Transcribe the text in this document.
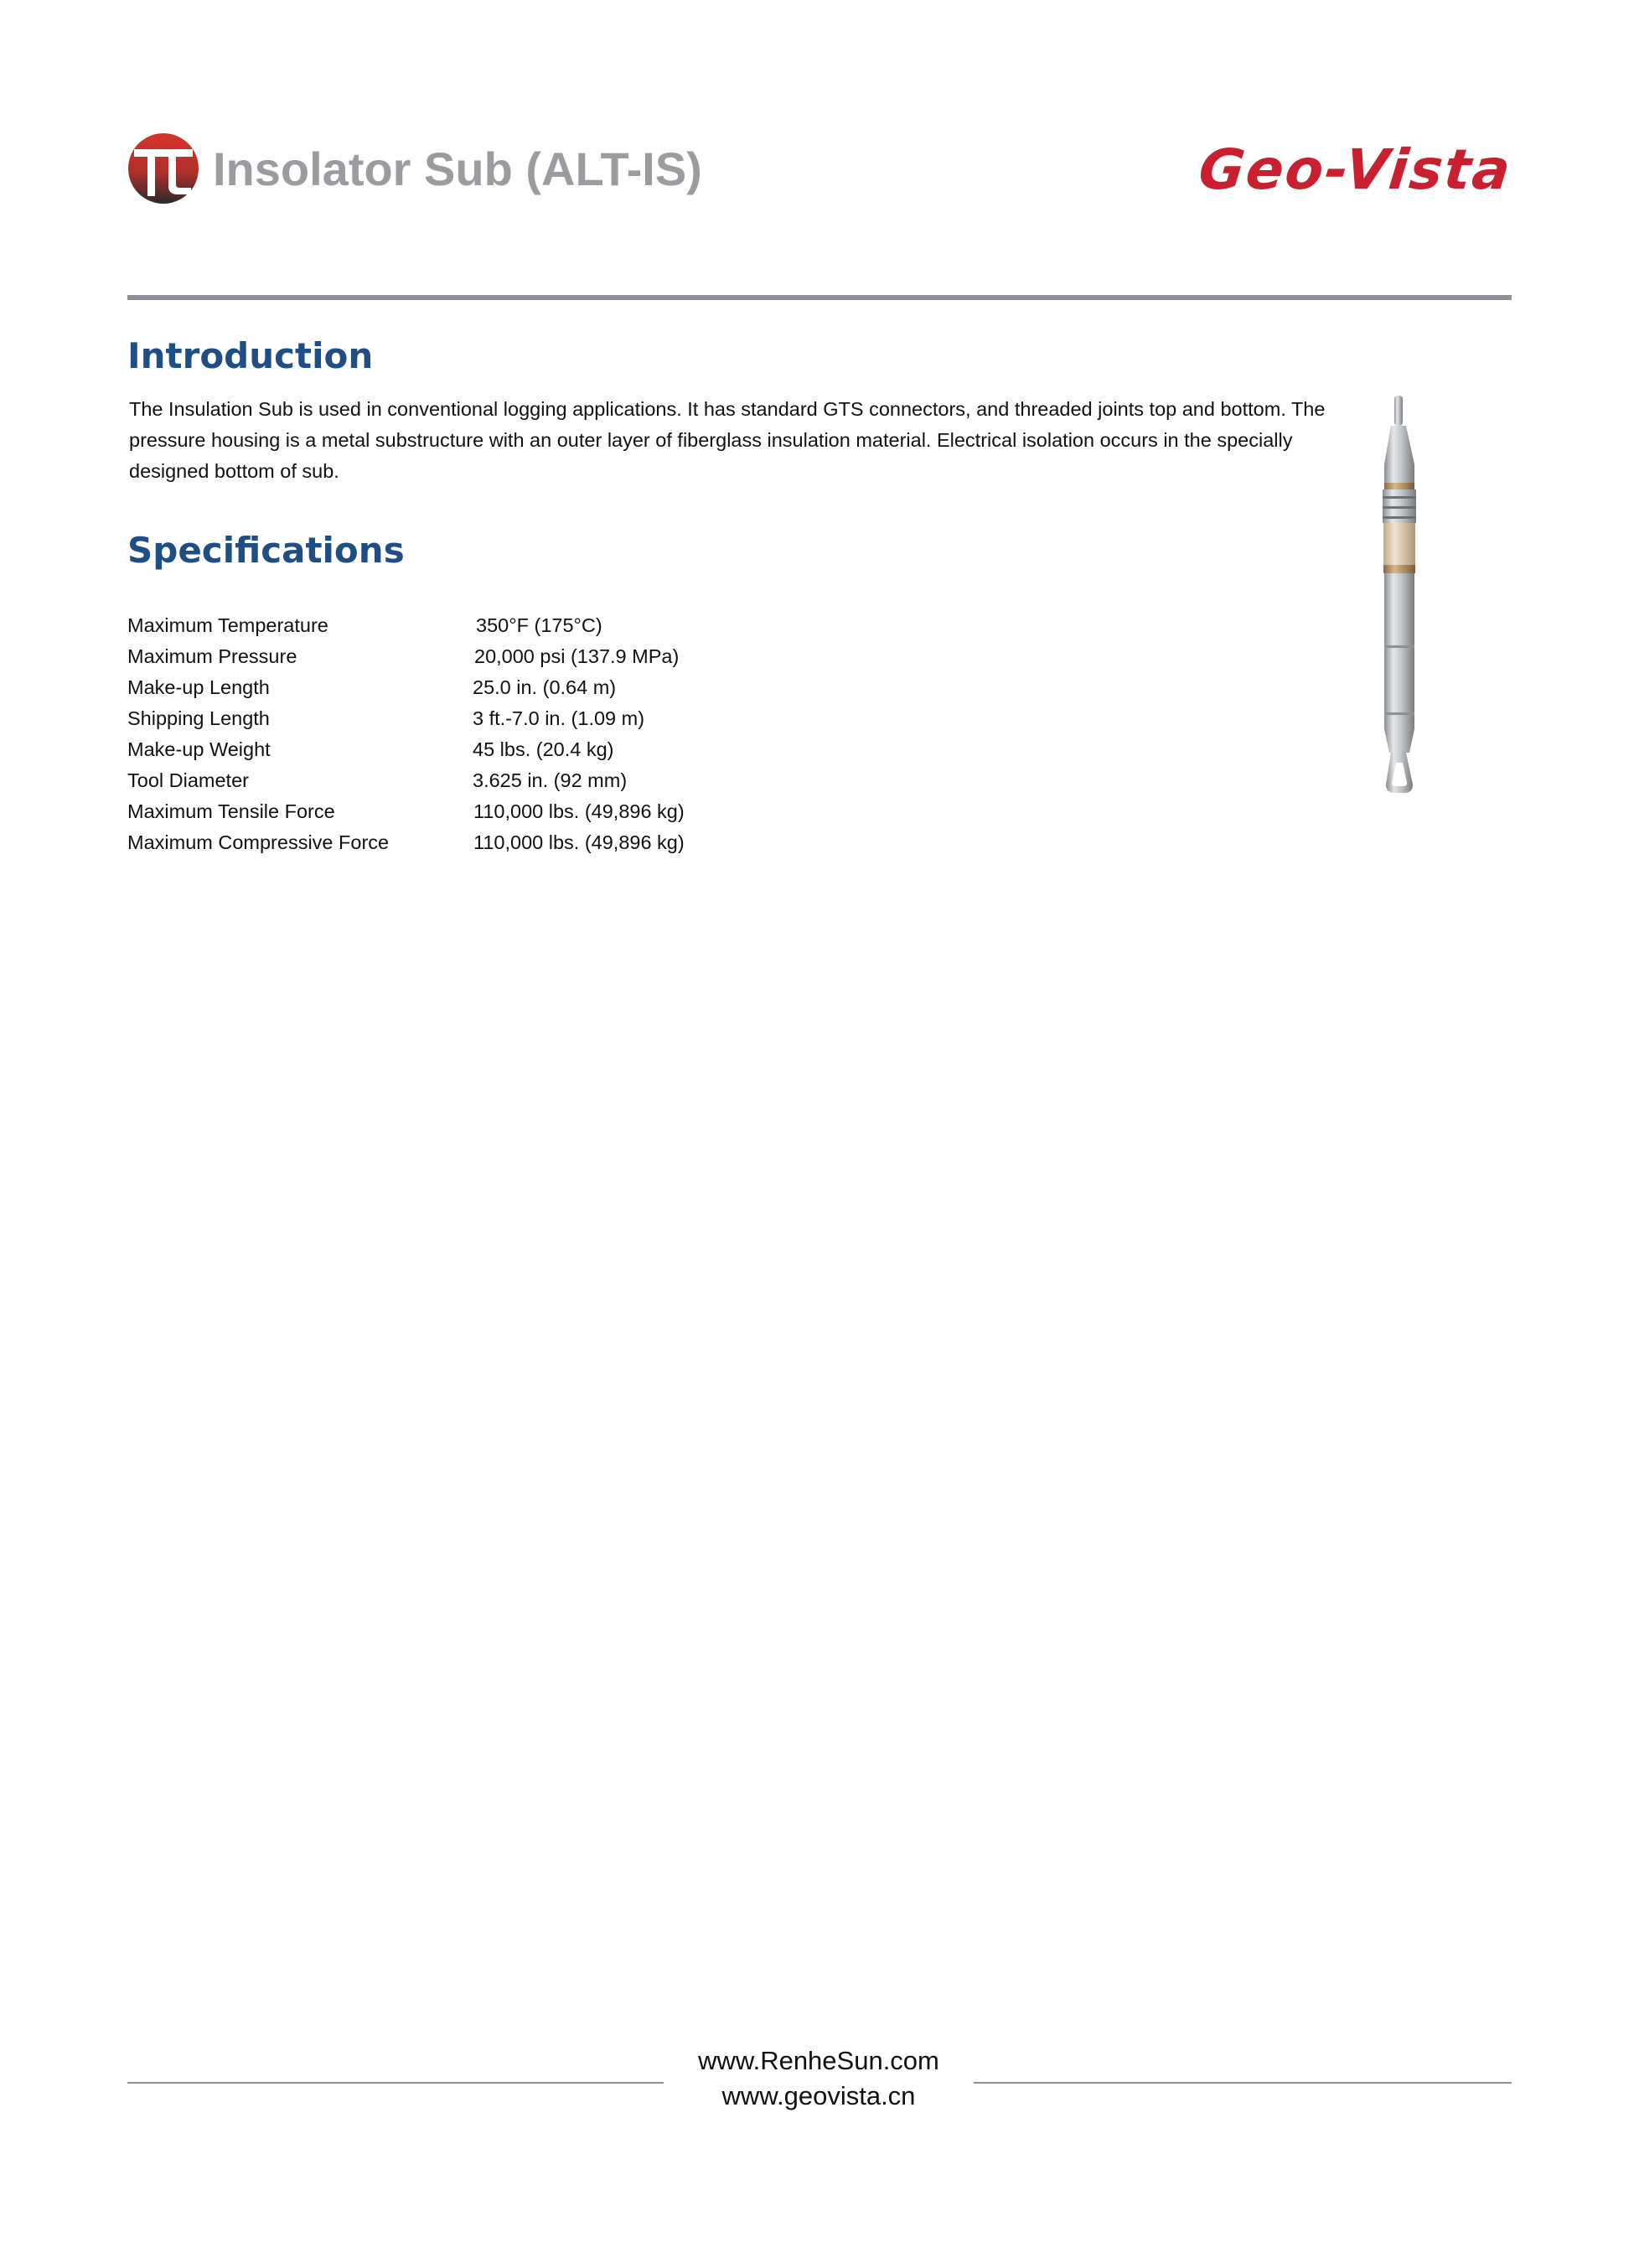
Insolator Sub (ALT-IS)	Geo-Vista
Introduction

The Insulation Sub is used in conventional logging applications. It has standard GTS connectors, and threaded joints top and bottom. The pressure housing is a metal substructure with an outer layer of fiberglass insulation material. Electrical isolation occurs in the specially designed bottom of sub.

Specifications
Maximum Temperature	350°F (175°C)
Maximum Pressure	20,000 psi (137.9 MPa)
Make-up Length	25.0 in. (0.64 m)
Shipping Length	3 ft.-7.0 in. (1.09 m)
Make-up Weight	45 lbs. (20.4 kg)
Tool Diameter	3.625 in. (92 mm)
Maximum Tensile Force	110,000 lbs. (49,896 kg)
Maximum Compressive Force	110,000 lbs. (49,896 kg)
www.RenheSun.com
www.geovista.cn
